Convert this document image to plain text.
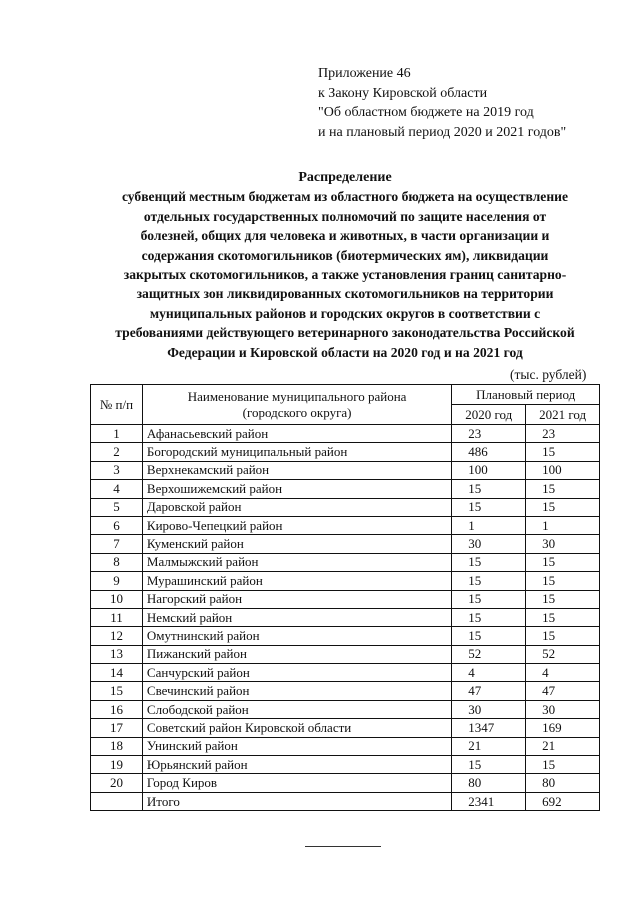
Приложение 46
к Закону Кировской области
"Об областном бюджете на 2019 год
и на плановый период 2020 и 2021 годов"
Распределение
субвенций местным бюджетам из областного бюджета на осуществление
отдельных государственных полномочий по защите населения от
болезней, общих для человека и животных, в части организации и
содержания скотомогильников (биотермических ям), ликвидации
закрытых скотомогильников, а также установления границ санитарно-
защитных зон ликвидированных скотомогильников на территории
муниципальных районов и городских округов в соответствии с
требованиями действующего ветеринарного законодательства Российской
Федерации и Кировской области на 2020 год и на 2021 год
(тыс. рублей)
№ п/п	Наименование муниципального района
(городского округа)	Плановый период	
		2020 год	2021 год
1	Афанасьевский район	23	23
2	Богородский муниципальный район	486	15
3	Верхнекамский район	100	100
4	Верхошижемский район	15	15
5	Даровской район	15	15
6	Кирово-Чепецкий район	1	1
7	Куменский район	30	30
8	Малмыжский район	15	15
9	Мурашинский район	15	15
10	Нагорский район	15	15
11	Немский район	15	15
12	Омутнинский район	15	15
13	Пижанский район	52	52
14	Санчурский район	4	4
15	Свечинский район	47	47
16	Слободской район	30	30
17	Советский район Кировской области	1347	169
18	Унинский район	21	21
19	Юрьянский район	15	15
20	Город Киров	80	80
	Итого	2341	692
